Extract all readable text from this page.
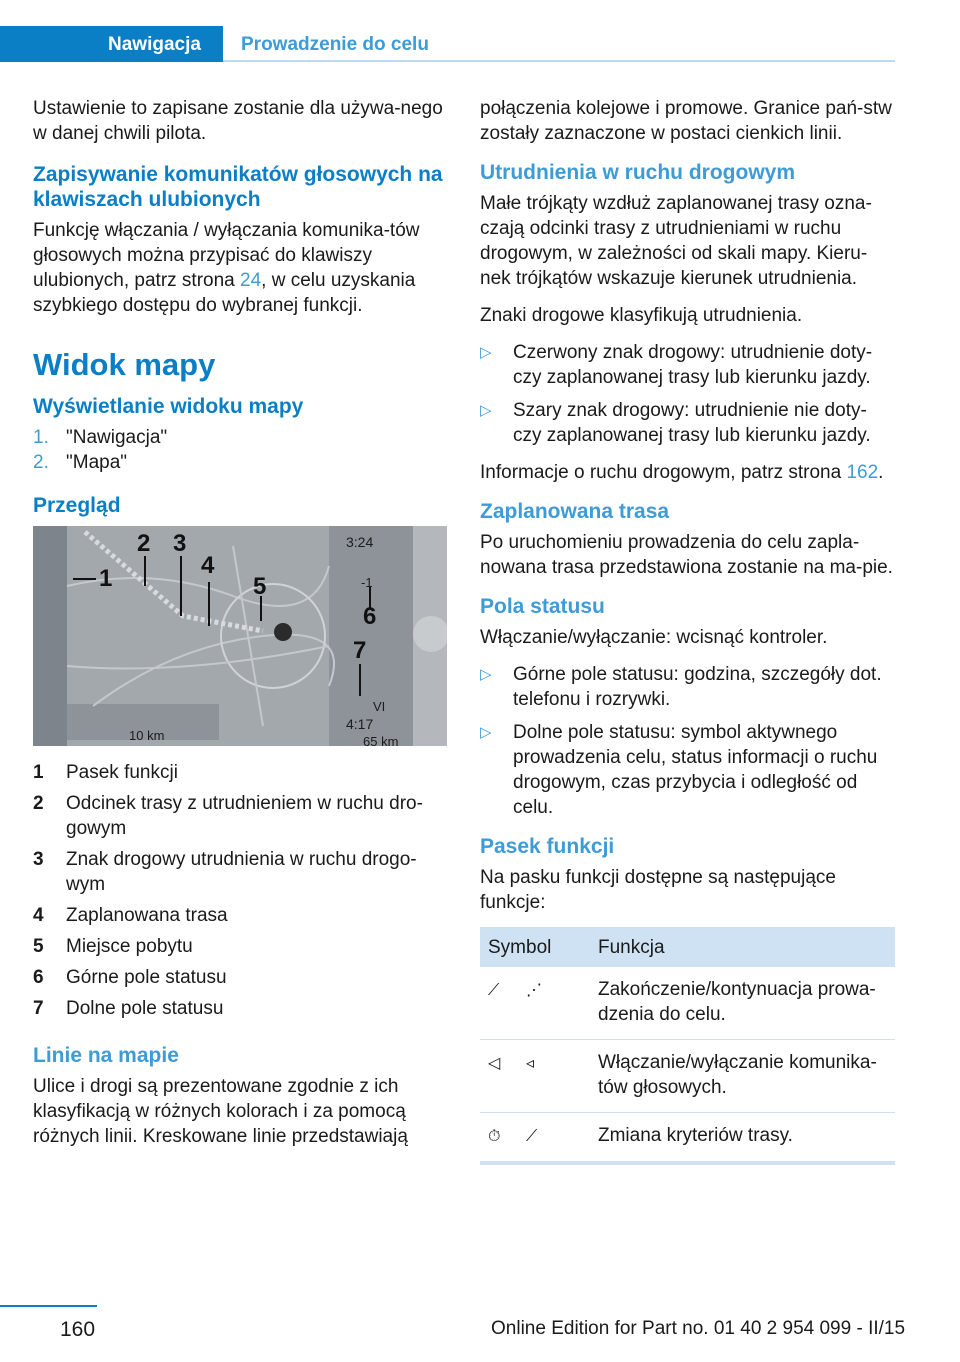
Nawigacja Prowadzenie do celu

Ustawienie to zapisane zostanie dla używa-nego w danej chwili pilota.

Zapisywanie komunikatów głosowych na klawiszach ulubionych

Funkcję włączania / wyłączania komunika-tów głosowych można przypisać do klawiszy ulubionych, patrz strona 24, w celu uzyskania szybkiego dostępu do wybranej funkcji.

Widok mapy
Wyświetlanie widoku mapy
1. "Nawigacja"
2. "Mapa"
Przegląd
1
2 3
4
5
6
7
3:24
-1
10 km
VI
4:17
65 km
1	Pasek funkcji
2	Odcinek trasy z utrudnieniem w ruchu dro-gowym
3	Znak drogowy utrudnienia w ruchu drogo-wym
4	Zaplanowana trasa
5	Miejsce pobytu
6	Górne pole statusu
7	Dolne pole statusu
Linie na mapie

Ulice i drogi są prezentowane zgodnie z ich klasyfikacją w różnych kolorach i za pomocą różnych linii. Kreskowane linie przedstawiają

połączenia kolejowe i promowe. Granice pań-stw zostały zaznaczone w postaci cienkich linii.

Utrudnienia w ruchu drogowym

Małe trójkąty wzdłuż zaplanowanej trasy ozna-czają odcinki trasy z utrudnieniami w ruchu drogowym, w zależności od skali mapy. Kieru-nek trójkątów wskazuje kierunek utrudnienia.

Znaki drogowe klasyfikują utrudnienia.

▷	Czerwony znak drogowy: utrudnienie doty-czy zaplanowanej trasy lub kierunku jazdy.
▷	Szary znak drogowy: utrudnienie nie doty-czy zaplanowanej trasy lub kierunku jazdy.

Informacje o ruchu drogowym, patrz strona 162.

Zaplanowana trasa

Po uruchomieniu prowadzenia do celu zapla-nowana trasa przedstawiona zostanie na ma-pie.

Pola statusu

Włączanie/wyłączanie: wcisnąć kontroler.

▷	Górne pole statusu: godzina, szczegóły dot. telefonu i rozrywki.
▷	Dolne pole statusu: symbol aktywnego prowadzenia celu, status informacji o ruchu drogowym, czas przybycia i odległość od celu.
Pasek funkcji

Na pasku funkcji dostępne są następujące funkcje:

Symbol	Funkcja
⟋ ⋰	Zakończenie/kontynuacja prowa-dzenia do celu.
◁ ◃	Włączanie/wyłączanie komunika-tów głosowych.
⏱ ⟋	Zmiana kryteriów trasy.
160	Online Edition for Part no. 01 40 2 954 099 - II/15
